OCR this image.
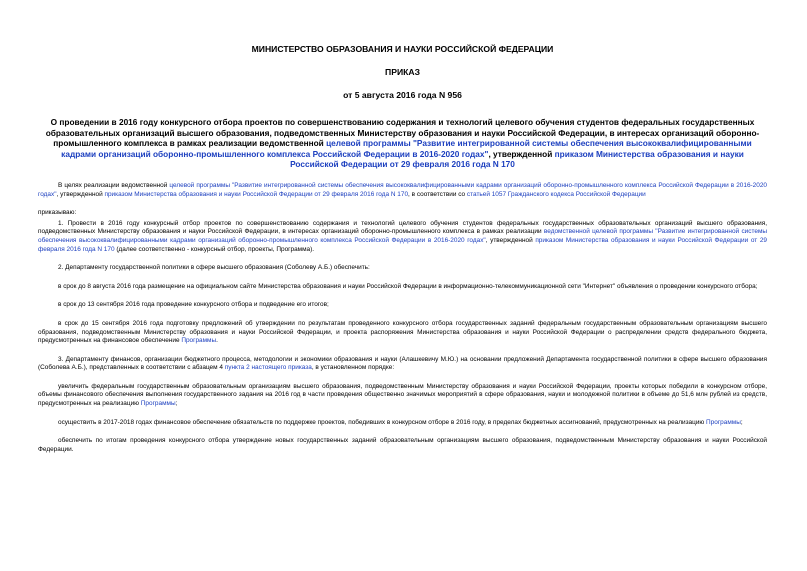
МИНИСТЕРСТВО ОБРАЗОВАНИЯ И НАУКИ РОССИЙСКОЙ ФЕДЕРАЦИИ
ПРИКАЗ
от 5 августа 2016 года N 956
О проведении в 2016 году конкурсного отбора проектов по совершенствованию содержания и технологий целевого обучения студентов федеральных государственных образовательных организаций высшего образования, подведомственных Министерству образования и науки Российской Федерации, в интересах организаций оборонно-промышленного комплекса в рамках реализации ведомственной целевой программы "Развитие интегрированной системы обеспечения высококвалифицированными кадрами организаций оборонно-промышленного комплекса Российской Федерации в 2016-2020 годах", утвержденной приказом Министерства образования и науки Российской Федерации от 29 февраля 2016 года N 170

В целях реализации ведомственной целевой программы "Развитие интегрированной системы обеспечения высококвалифицированными кадрами организаций оборонно-промышленного комплекса Российской Федерации в 2016-2020 годах", утвержденной приказом Министерства образования и науки Российской Федерации от 29 февраля 2016 года N 170, в соответствии со статьей 1057 Гражданского кодекса Российской Федерации

приказываю:

1. Провести в 2016 году конкурсный отбор проектов по совершенствованию содержания и технологий целевого обучения студентов федеральных государственных образовательных организаций высшего образования, подведомственных Министерству образования и науки Российской Федерации, в интересах организаций оборонно-промышленного комплекса в рамках реализации ведомственной целевой программы "Развитие интегрированной системы обеспечения высококвалифицированными кадрами организаций оборонно-промышленного комплекса Российской Федерации в 2016-2020 годах", утвержденной приказом Министерства образования и науки Российской Федерации от 29 февраля 2016 года N 170 (далее соответственно - конкурсный отбор, проекты, Программа).

2. Департаменту государственной политики в сфере высшего образования (Соболеву А.Б.) обеспечить:

в срок до 8 августа 2016 года размещение на официальном сайте Министерства образования и науки Российской Федерации в информационно-телекоммуникационной сети "Интернет" объявления о проведении конкурсного отбора;

в срок до 13 сентября 2016 года проведение конкурсного отбора и подведение его итогов;

в срок до 15 сентября 2016 года подготовку предложений об утверждении по результатам проведенного конкурсного отбора государственных заданий федеральным государственным образовательным организациям высшего образования, подведомственным Министерству образования и науки Российской Федерации, и проекта распоряжения Министерства образования и науки Российской Федерации о распределении средств федерального бюджета, предусмотренных на финансовое обеспечение Программы.

3. Департаменту финансов, организации бюджетного процесса, методологии и экономики образования и науки (Алашкевичу М.Ю.) на основании предложений Департамента государственной политики в сфере высшего образования (Соболева А.Б.), представленных в соответствии с абзацем 4 пункта 2 настоящего приказа, в установленном порядке:

увеличить федеральным государственным образовательным организациям высшего образования, подведомственным Министерству образования и науки Российской Федерации, проекты которых победили в конкурсном отборе, объемы финансового обеспечения выполнения государственного задания на 2016 год в части проведения общественно значимых мероприятий в сфере образования, науки и молодежной политики в объеме до 51,6 млн рублей из средств, предусмотренных на реализацию Программы;

осуществить в 2017-2018 годах финансовое обеспечение обязательств по поддержке проектов, победивших в конкурсном отборе в 2016 году, в пределах бюджетных ассигнований, предусмотренных на реализацию Программы;

обеспечить по итогам проведения конкурсного отбора утверждение новых государственных заданий образовательным организациям высшего образования, подведомственным Министерству образования и науки Российской Федерации.
